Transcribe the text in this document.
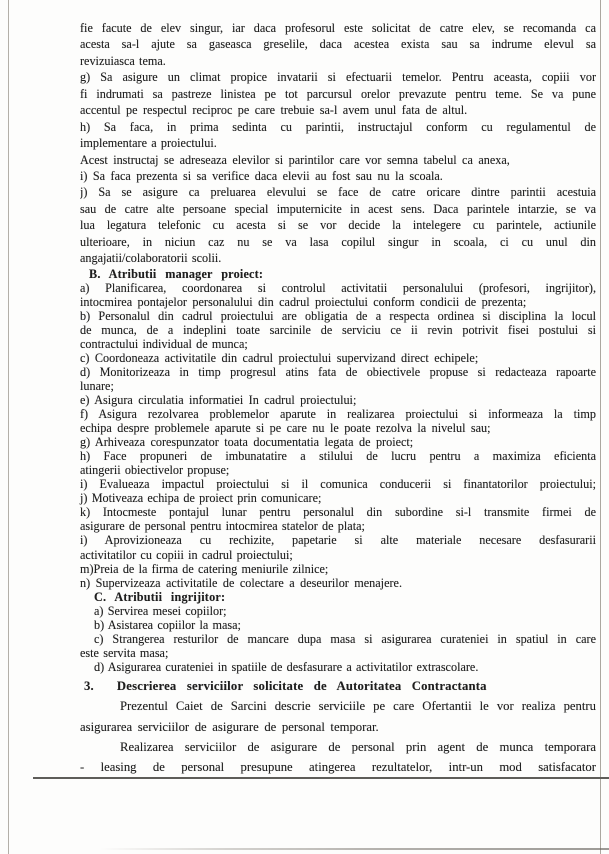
fie facute de elev singur, iar daca profesorul este solicitat de catre elev, se recomanda ca
acesta sa-l ajute sa gaseasca greselile, daca acestea exista sau sa indrume elevul sa
revizuiasca tema.
g) Sa asigure un climat propice invatarii si efectuarii temelor. Pentru aceasta, copiii vor
fi indrumati sa pastreze linistea pe tot parcursul orelor prevazute pentru teme. Se va pune
accentul pe respectul reciproc pe care trebuie sa-l avem unul fata de altul.
h) Sa faca, in prima sedinta cu parintii, instructajul conform cu regulamentul de
implementare a proiectului.
Acest instructaj se adreseaza elevilor si parintilor care vor semna tabelul ca anexa,
i) Sa faca prezenta si sa verifice daca elevii au fost sau nu la scoala.
j) Sa se asigure ca preluarea elevului se face de catre oricare dintre parintii acestuia
sau de catre alte persoane special imputernicite in acest sens. Daca parintele intarzie, se va
lua legatura telefonic cu acesta si se vor decide la intelegere cu parintele, actiunile
ulterioare, in niciun caz nu se va lasa copilul singur in scoala, ci cu unul din
angajatii/colaboratorii scolii.
B. Atributii manager proiect:
a) Planificarea, coordonarea si controlul activitatii personalului (profesori, ingrijitor),
intocmirea pontajelor personalului din cadrul proiectului conform condicii de prezenta;
b) Personalul din cadrul proiectului are obligatia de a respecta ordinea si disciplina la locul
de munca, de a indeplini toate sarcinile de serviciu ce ii revin potrivit fisei postului si
contractului individual de munca;
c) Coordoneaza activitatile din cadrul proiectului supervizand direct echipele;
d) Monitorizeaza in timp progresul atins fata de obiectivele propuse si redacteaza rapoarte
lunare;
e) Asigura circulatia informatiei In cadrul proiectului;
f) Asigura rezolvarea problemelor aparute in realizarea proiectului si informeaza la timp
echipa despre problemele aparute si pe care nu le poate rezolva la nivelul sau;
g) Arhiveaza corespunzator toata documentatia legata de proiect;
h) Face propuneri de imbunatatire a stilului de lucru pentru a maximiza eficienta
atingerii obiectivelor propuse;
i) Evalueaza impactul proiectului si il comunica conducerii si finantatorilor proiectului;
j) Motiveaza echipa de proiect prin comunicare;
k) Intocmeste pontajul lunar pentru personalul din subordine si-l transmite firmei de
asigurare de personal pentru intocmirea statelor de plata;
i) Aprovizioneaza cu rechizite, papetarie si alte materiale necesare desfasurarii
activitatilor cu copiii in cadrul proiectului;
m)Preia de la firma de catering meniurile zilnice;
n) Supervizeaza activitatile de colectare a deseurilor menajere.
C. Atributii ingrijitor:
a) Servirea mesei copiilor;
b) Asistarea copiilor la masa;
c) Strangerea resturilor de mancare dupa masa si asigurarea curateniei in spatiul in care
este servita masa;
d) Asigurarea curateniei in spatiile de desfasurare a activitatilor extrascolare.
3. Descrierea serviciilor solicitate de Autoritatea Contractanta
Prezentul Caiet de Sarcini descrie serviciile pe care Ofertantii le vor realiza pentru
asigurarea serviciilor de asigurare de personal temporar.
Realizarea serviciilor de asigurare de personal prin agent de munca temporara
- leasing de personal presupune atingerea rezultatelor, intr-un mod satisfacator
